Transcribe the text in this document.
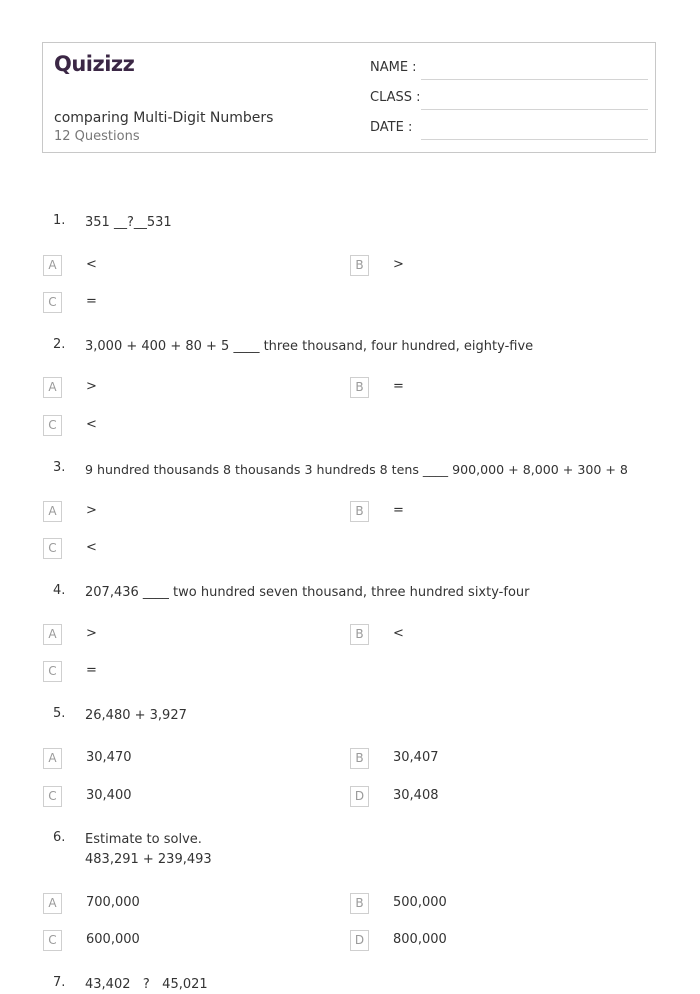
Quizizz
comparing Multi-Digit Numbers
12 Questions
NAME :
CLASS :
DATE :
1. 351 __?__531
A	<	B	>
C	=
2. 3,000 + 400 + 80 + 5 ____ three thousand, four hundred, eighty-five
A	>	B	=
C	<
3. 9 hundred thousands 8 thousands 3 hundreds 8 tens ____ 900,000 + 8,000 + 300 + 8
A	>	B	=
C	<
4. 207,436 ____ two hundred seven thousand, three hundred sixty-four
A	>	B	<
C	=
5. 26,480 + 3,927
A	30,470	B	30,407
C	30,400	D	30,408
6. Estimate to solve.
483,291 + 239,493
A	700,000	B	500,000
C	600,000	D	800,000
7. 43,402   ?   45,021
